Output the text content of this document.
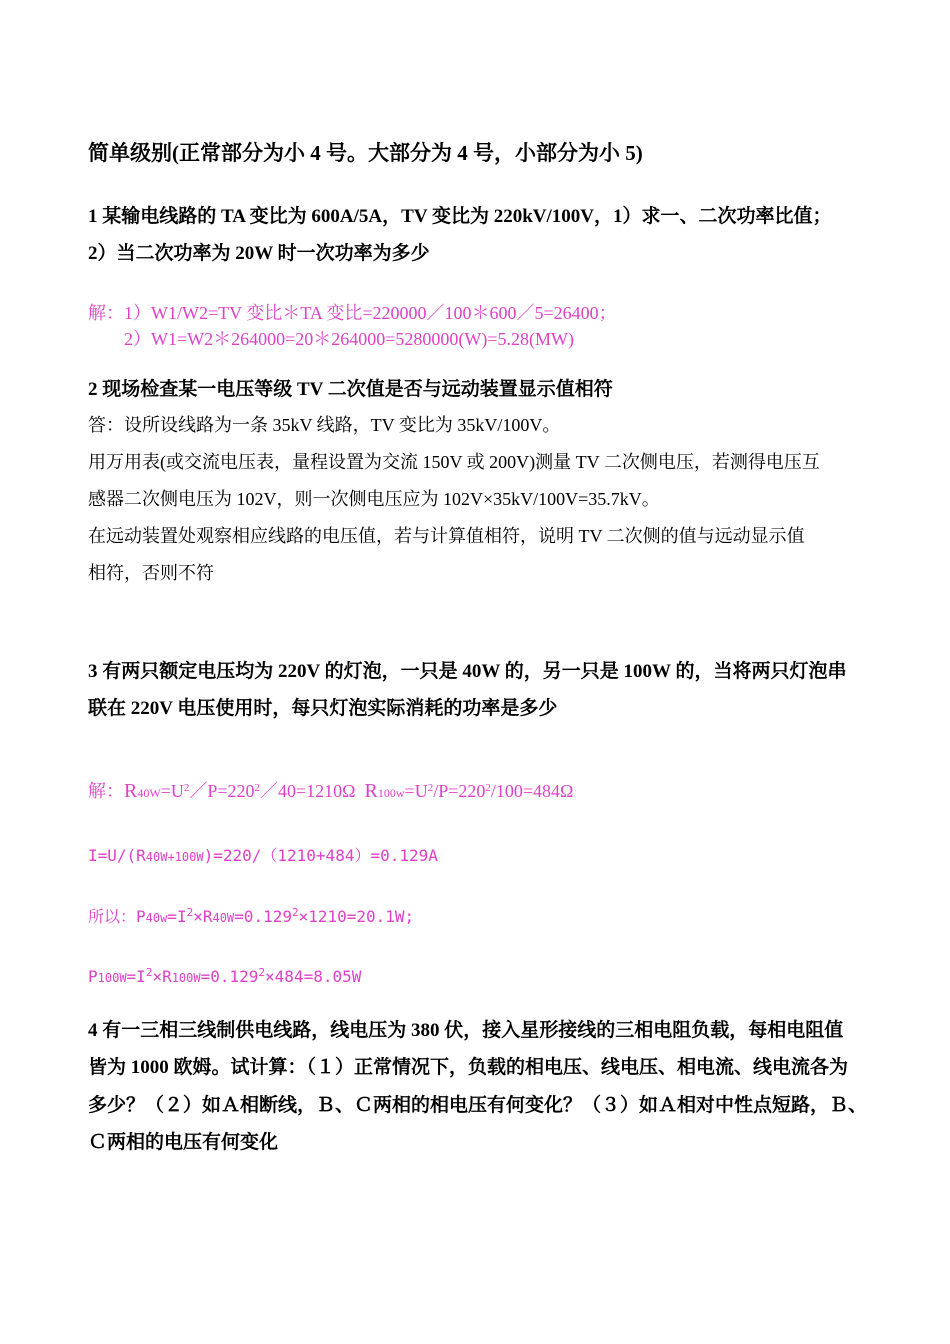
简单级别(正常部分为小 4 号。大部分为 4 号，小部分为小 5)
1 某输电线路的 TA 变比为 600A/5A，TV 变比为 220kV/100V，1）求一、二次功率比值；
2）当二次功率为 20W 时一次功率为多少
解：1）W1/W2=TV 变比＊TA 变比=220000／100＊600／5=26400；
2）W1=W2＊264000=20＊264000=5280000(W)=5.28(MW)
2 现场检查某一电压等级 TV 二次值是否与远动装置显示值相符
答：设所设线路为一条 35kV 线路，TV 变比为 35kV/100V。
用万用表(或交流电压表，量程设置为交流 150V 或 200V)测量 TV 二次侧电压，若测得电压互
感器二次侧电压为 102V，则一次侧电压应为 102V×35kV/100V=35.7kV。
在远动装置处观察相应线路的电压值，若与计算值相符，说明 TV 二次侧的值与远动显示值
相符，否则不符
3 有两只额定电压均为 220V 的灯泡，一只是 40W 的，另一只是 100W 的，当将两只灯泡串
联在 220V 电压使用时，每只灯泡实际消耗的功率是多少
解：$R40W=U^2/P=220^2/40=1210\Omega$ $R100w=U^2/P=220^2/100=484\Omega$
I=U/(R40W+100W)=220/（1210+484）=0.129A
所以：$P40w=I^2\times R40W=0.129^2\times 1210=20.1W$;
$P100W=I^2\times R100W=0.129^2\times 484=8.05W$
4 有一三相三线制供电线路，线电压为 380 伏，接入星形接线的三相电阻负载，每相电阻值
皆为 1000 欧姆。试计算：（１）正常情况下，负载的相电压、线电压、相电流、线电流各为
多少？（２）如Ａ相断线，Ｂ、Ｃ两相的相电压有何变化？（３）如Ａ相对中性点短路，Ｂ、
Ｃ两相的电压有何变化
